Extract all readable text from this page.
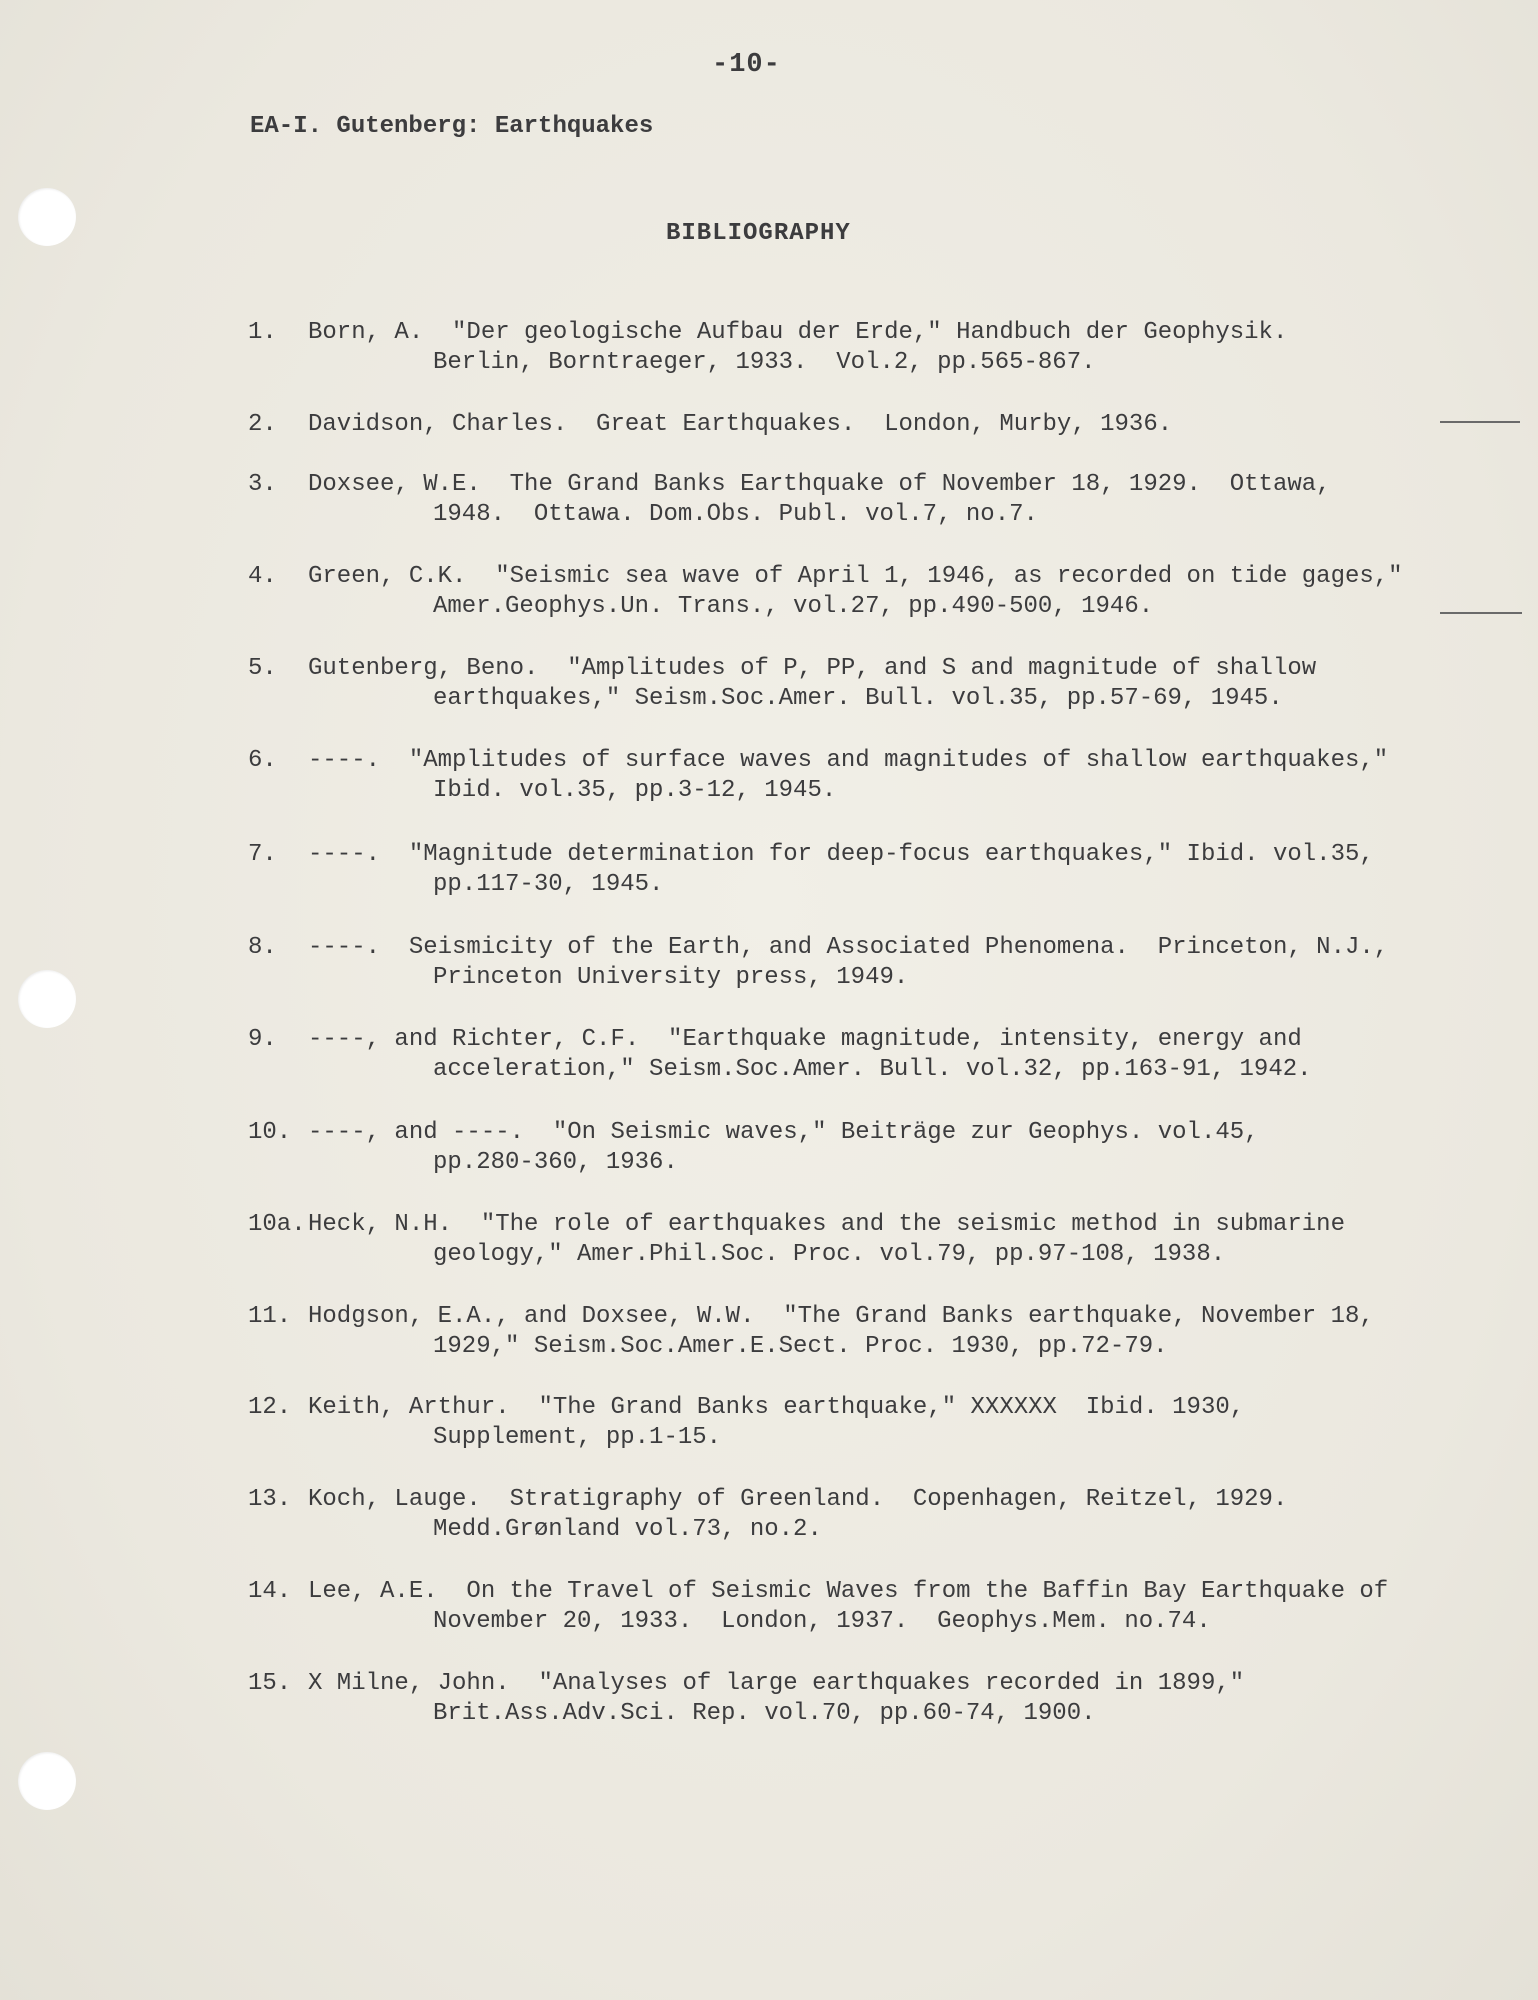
-10-
EA-I. Gutenberg: Earthquakes
BIBLIOGRAPHY
1. Born, A.  "Der geologische Aufbau der Erde," Handbuch der Geophysik.
Berlin, Borntraeger, 1933.  Vol.2, pp.565-867.
2. Davidson, Charles.  Great Earthquakes.  London, Murby, 1936.
3. Doxsee, W.E.  The Grand Banks Earthquake of November 18, 1929.  Ottawa,
1948.  Ottawa. Dom.Obs. Publ. vol.7, no.7.
4. Green, C.K.  "Seismic sea wave of April 1, 1946, as recorded on tide gages,"
Amer.Geophys.Un. Trans., vol.27, pp.490-500, 1946.
5. Gutenberg, Beno.  "Amplitudes of P, PP, and S and magnitude of shallow
earthquakes," Seism.Soc.Amer. Bull. vol.35, pp.57-69, 1945.
6. ----.  "Amplitudes of surface waves and magnitudes of shallow earthquakes,"
Ibid. vol.35, pp.3-12, 1945.
7. ----.  "Magnitude determination for deep-focus earthquakes," Ibid. vol.35,
pp.117-30, 1945.
8. ----.  Seismicity of the Earth, and Associated Phenomena.  Princeton, N.J.,
Princeton University press, 1949.
9. ----, and Richter, C.F.  "Earthquake magnitude, intensity, energy and
acceleration," Seism.Soc.Amer. Bull. vol.32, pp.163-91, 1942.
10. ----, and ----.  "On Seismic waves," Beiträge zur Geophys. vol.45,
pp.280-360, 1936.
10a.Heck, N.H.  "The role of earthquakes and the seismic method in submarine
geology," Amer.Phil.Soc. Proc. vol.79, pp.97-108, 1938.
11. Hodgson, E.A., and Doxsee, W.W.  "The Grand Banks earthquake, November 18,
1929," Seism.Soc.Amer.E.Sect. Proc. 1930, pp.72-79.
12. Keith, Arthur.  "The Grand Banks earthquake," XXXXXX  Ibid. 1930,
Supplement, pp.1-15.
13. Koch, Lauge.  Stratigraphy of Greenland.  Copenhagen, Reitzel, 1929.
Medd.Grønland vol.73, no.2.
14. Lee, A.E.  On the Travel of Seismic Waves from the Baffin Bay Earthquake of
November 20, 1933.  London, 1937.  Geophys.Mem. no.74.
15. X Milne, John.  "Analyses of large earthquakes recorded in 1899,"
Brit.Ass.Adv.Sci. Rep. vol.70, pp.60-74, 1900.
